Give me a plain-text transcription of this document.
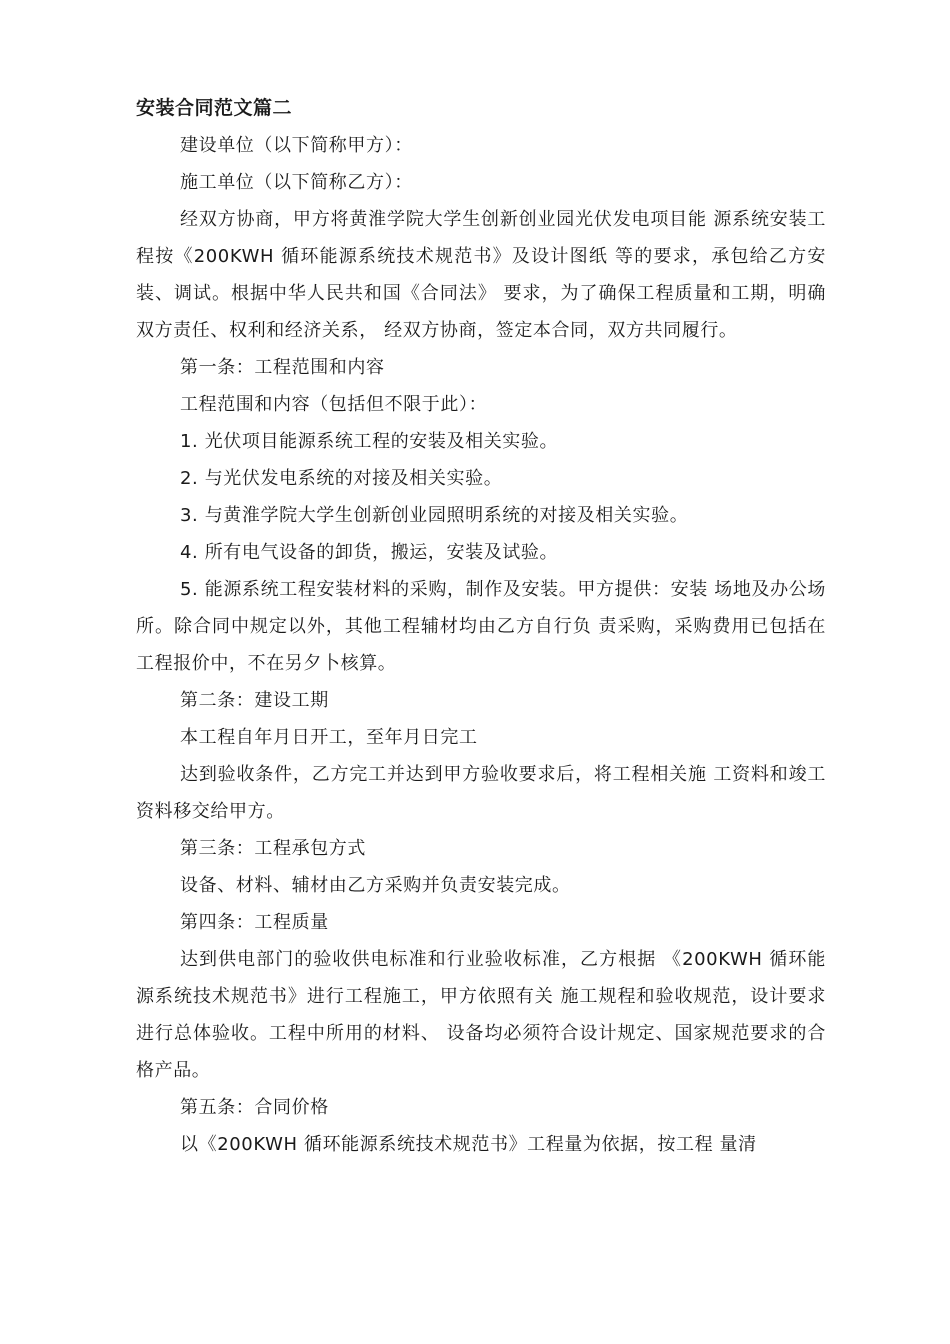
安装合同范文篇二

建设单位（以下简称甲方）：

施工单位（以下简称乙方）：

经双方协商，甲方将黄淮学院大学生创新创业园光伏发电项目能 源系统安装工程按《200KWH 循环能源系统技术规范书》及设计图纸 等的要求，承包给乙方安装、调试。根据中华人民共和国《合同法》 要求，为了确保工程质量和工期，明确双方责任、权利和经济关系， 经双方协商，签定本合同，双方共同履行。

第一条：工程范围和内容

工程范围和内容（包括但不限于此）：

1. 光伏项目能源系统工程的安装及相关实验。

2. 与光伏发电系统的对接及相关实验。

3. 与黄淮学院大学生创新创业园照明系统的对接及相关实验。

4. 所有电气设备的卸货，搬运，安装及试验。

5. 能源系统工程安装材料的采购，制作及安装。甲方提供：安装 场地及办公场所。除合同中规定以外，其他工程辅材均由乙方自行负 责采购，采购费用已包括在工程报价中，不在另夕卜核算。

第二条：建设工期

本工程自年月日开工，至年月日完工

达到验收条件，乙方完工并达到甲方验收要求后，将工程相关施 工资料和竣工资料移交给甲方。

第三条：工程承包方式

设备、材料、辅材由乙方采购并负责安装完成。

第四条：工程质量

达到供电部门的验收供电标准和行业验收标准，乙方根据 《200KWH 循环能源系统技术规范书》进行工程施工，甲方依照有关 施工规程和验收规范，设计要求进行总体验收。工程中所用的材料、 设备均必须符合设计规定、国家规范要求的合格产品。

第五条：合同价格

以《200KWH 循环能源系统技术规范书》工程量为依据，按工程 量清
